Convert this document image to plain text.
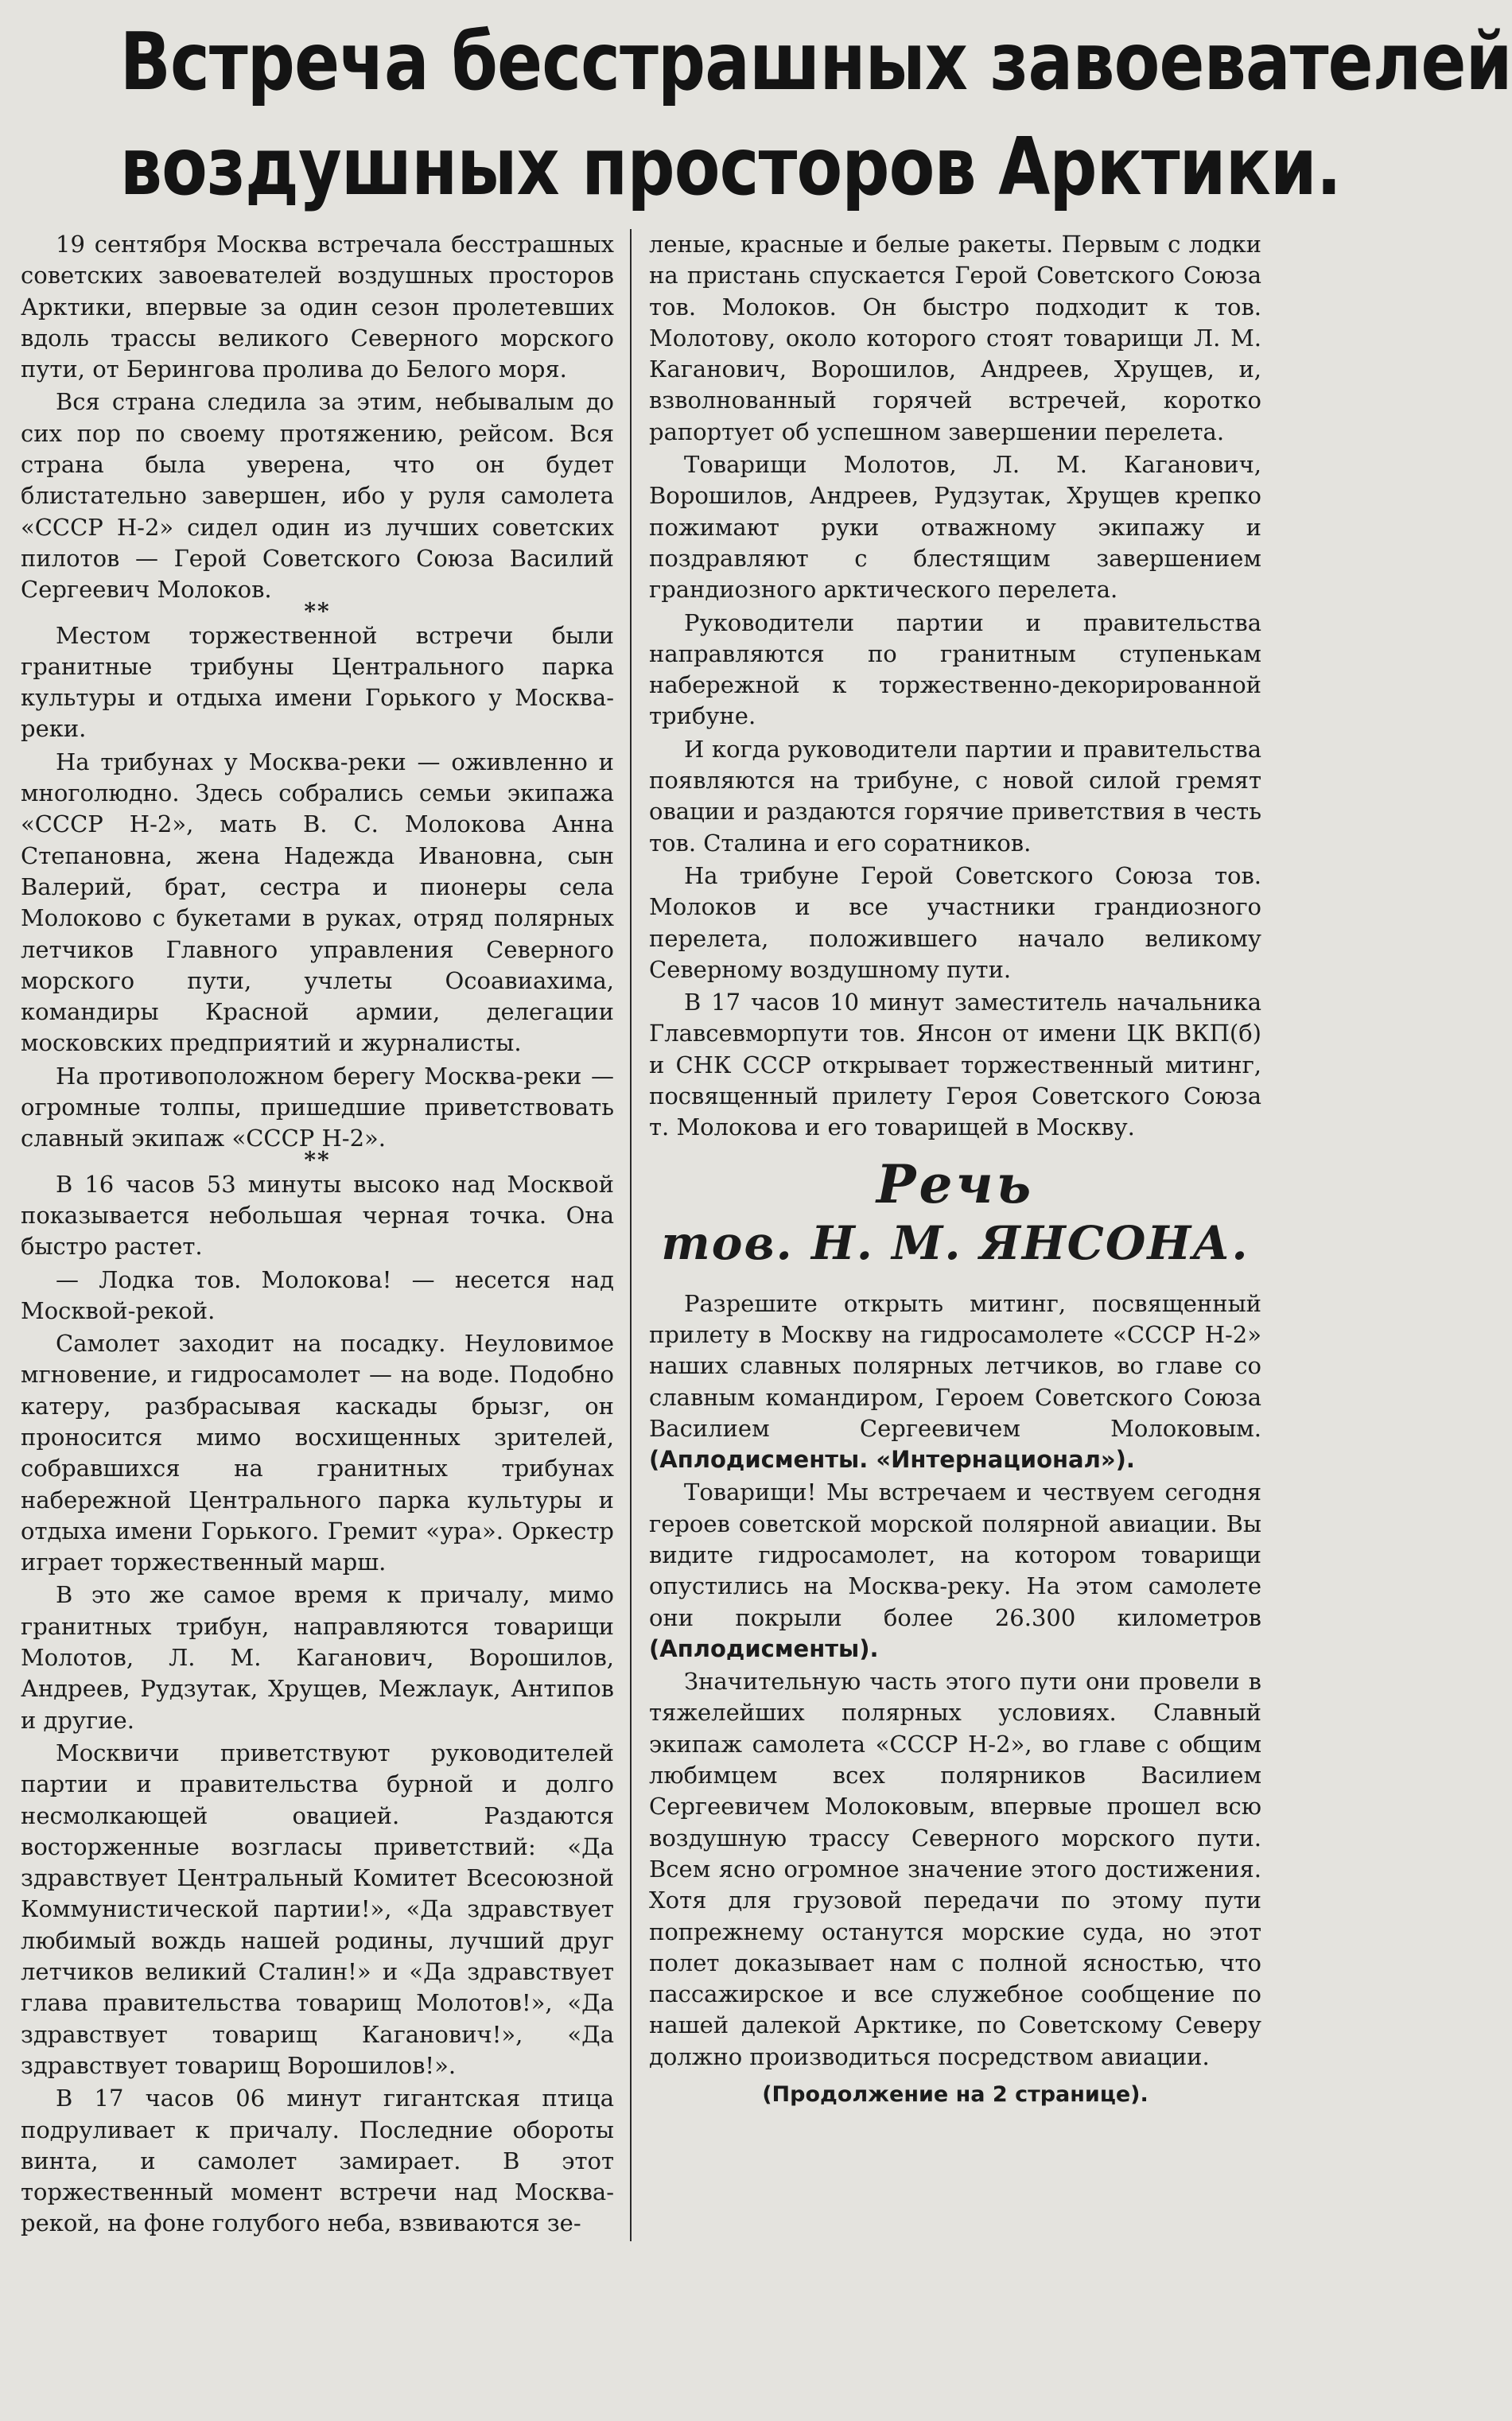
Встреча бесстрашных завоевателей
воздушных просторов Арктики.

19 сентября Москва встречала бесстрашных советских завоевателей воздушных просторов Арктики, впервые за один сезон пролетевших вдоль трассы великого Северного морского пути, от Берингова пролива до Белого моря.

Вся страна следила за этим, небывалым до сих пор по своему протяжению, рейсом. Вся страна была уверена, что он будет блистательно завершен, ибо у руля самолета «СССР Н-2» сидел один из лучших советских пилотов — Герой Советского Союза Василий Сергеевич Молоков.

**

Местом торжественной встречи были гранитные трибуны Центрального парка культуры и отдыха имени Горького у Москва-реки.

На трибунах у Москва-реки — оживленно и многолюдно. Здесь собрались семьи экипажа «СССР Н-2», мать В. С. Молокова Анна Степановна, жена Надежда Ивановна, сын Валерий, брат, сестра и пионеры села Молоково с букетами в руках, отряд полярных летчиков Главного управления Северного морского пути, учлеты Осоавиахима, командиры Красной армии, делегации московских предприятий и журналисты.

На противоположном берегу Москва-реки — огромные толпы, пришедшие приветствовать славный экипаж «СССР Н-2».

**

В 16 часов 53 минуты высоко над Москвой показывается небольшая черная точка. Она быстро растет.

— Лодка тов. Молокова! — несется над Москвой-рекой.

Самолет заходит на посадку. Неуловимое мгновение, и гидросамолет — на воде. Подобно катеру, разбрасывая каскады брызг, он проносится мимо восхищенных зрителей, собравшихся на гранитных трибунах набережной Центрального парка культуры и отдыха имени Горького. Гремит «ура». Оркестр играет торжественный марш.

В это же самое время к причалу, мимо гранитных трибун, направляются товарищи Молотов, Л. М. Каганович, Ворошилов, Андреев, Рудзутак, Хрущев, Межлаук, Антипов и другие.

Москвичи приветствуют руководителей партии и правительства бурной и долго несмолкающей овацией. Раздаются восторженные возгласы приветствий: «Да здравствует Центральный Комитет Всесоюзной Коммунистической партии!», «Да здравствует любимый вождь нашей родины, лучший друг летчиков великий Сталин!» и «Да здравствует глава правительства товарищ Молотов!», «Да здравствует товарищ Каганович!», «Да здравствует товарищ Ворошилов!».

В 17 часов 06 минут гигантская птица подруливает к причалу. Последние обороты винта, и самолет замирает. В этот торжественный момент встречи над Москва-рекой, на фоне голубого неба, взвиваются зе-

леные, красные и белые ракеты. Первым с лодки на пристань спускается Герой Советского Союза тов. Молоков. Он быстро подходит к тов. Молотову, около которого стоят товарищи Л. М. Каганович, Ворошилов, Андреев, Хрущев, и, взволнованный горячей встречей, коротко рапортует об успешном завершении перелета.

Товарищи Молотов, Л. М. Каганович, Ворошилов, Андреев, Рудзутак, Хрущев крепко пожимают руки отважному экипажу и поздравляют с блестящим завершением грандиозного арктического перелета.

Руководители партии и правительства направляются по гранитным ступенькам набережной к торжественно-декорированной трибуне.

И когда руководители партии и правительства появляются на трибуне, с новой силой гремят овации и раздаются горячие приветствия в честь тов. Сталина и его соратников.

На трибуне Герой Советского Союза тов. Молоков и все участники грандиозного перелета, положившего начало великому Северному воздушному пути.

В 17 часов 10 минут заместитель начальника Главсевморпути тов. Янсон от имени ЦК ВКП(б) и СНК СССР открывает торжественный митинг, посвященный прилету Героя Советского Союза т. Молокова и его товарищей в Москву.

Речь
тов. Н. М. ЯНСОНА.

Разрешите открыть митинг, посвященный прилету в Москву на гидросамолете «СССР Н-2» наших славных полярных летчиков, во главе со славным командиром, Героем Советского Союза Василием Сергеевичем Молоковым. (Аплодисменты. «Интернационал»).

Товарищи! Мы встречаем и чествуем сегодня героев советской морской полярной авиации. Вы видите гидросамолет, на котором товарищи опустились на Москва-реку. На этом самолете они покрыли более 26.300 километров (Аплодисменты).

Значительную часть этого пути они провели в тяжелейших полярных условиях. Славный экипаж самолета «СССР Н-2», во главе с общим любимцем всех полярников Василием Сергеевичем Молоковым, впервые прошел всю воздушную трассу Северного морского пути. Всем ясно огромное значение этого достижения. Хотя для грузовой передачи по этому пути попрежнему останутся морские суда, но этот полет доказывает нам с полной ясностью, что пассажирское и все служебное сообщение по нашей далекой Арктике, по Советскому Северу должно производиться посредством авиации.

(Продолжение на 2 странице).
